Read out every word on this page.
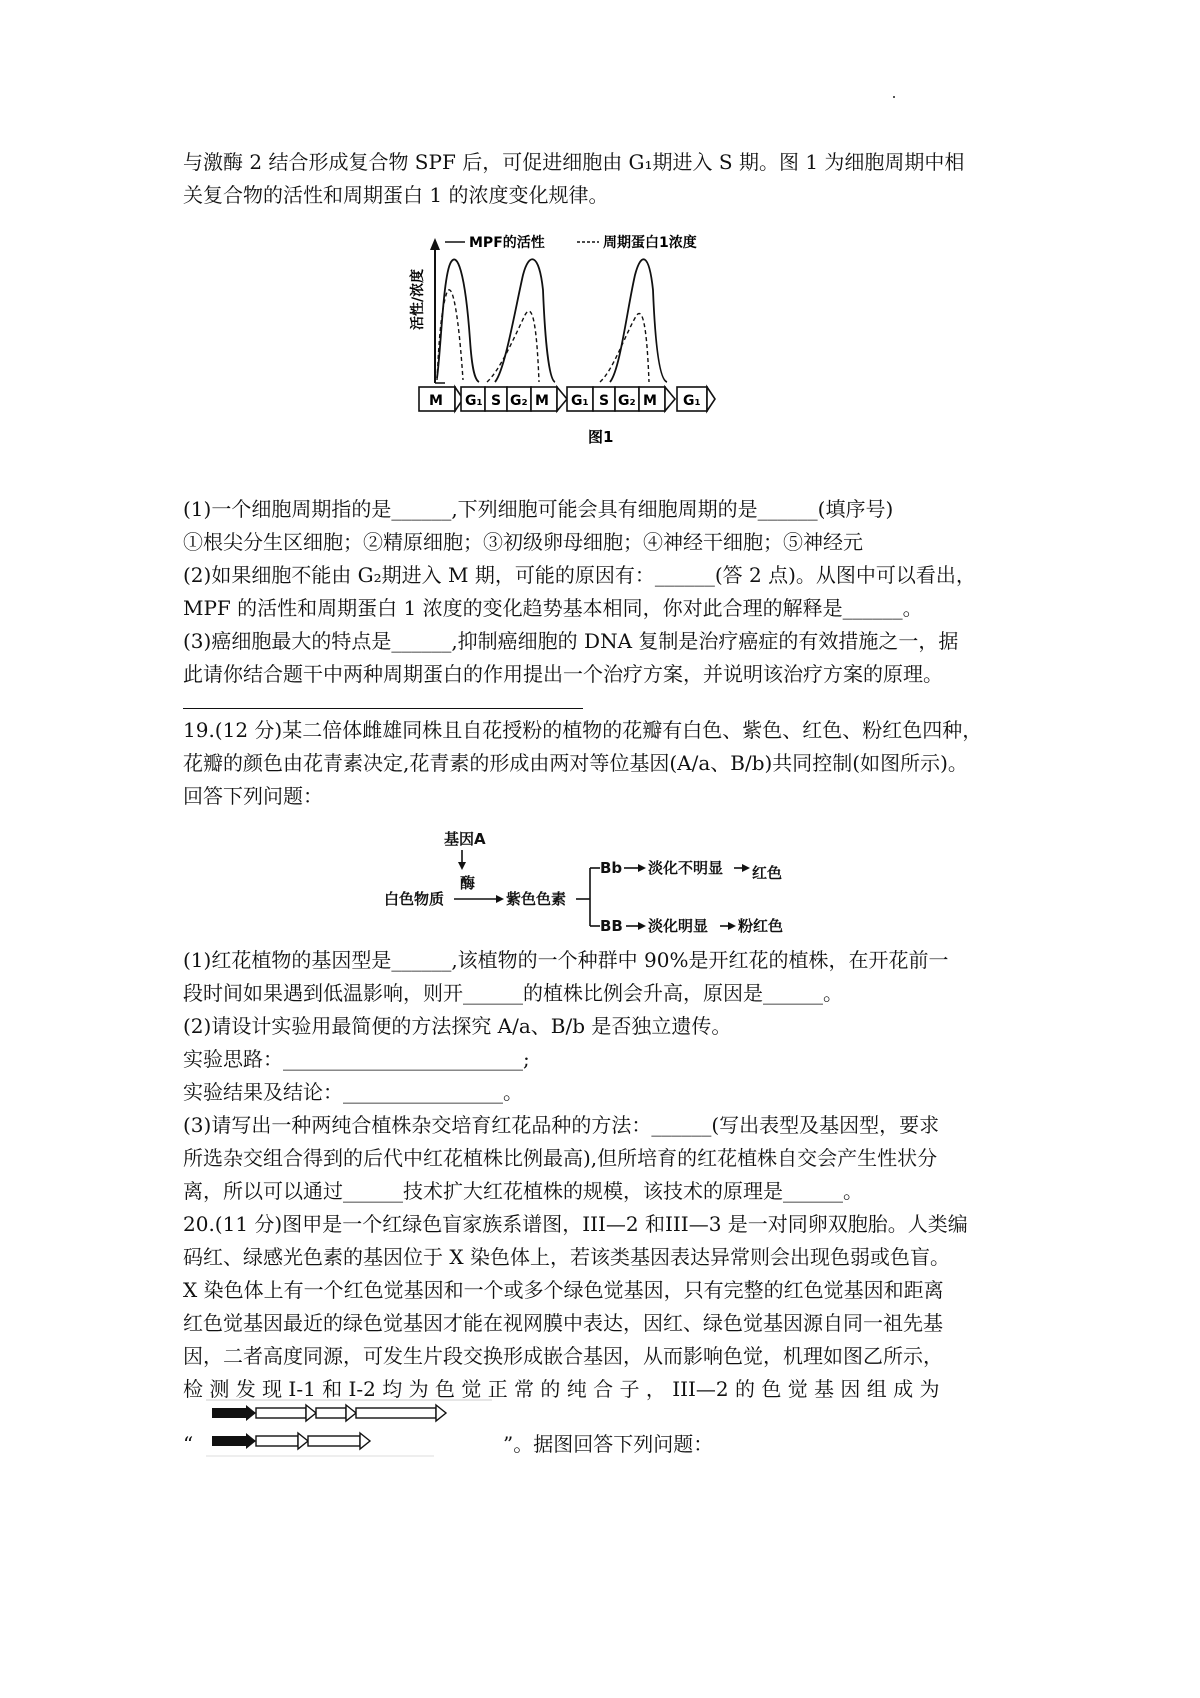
与激酶 2 结合形成复合物 SPF 后，可促进细胞由 G₁期进入 S 期。图 1 为细胞周期中相
关复合物的活性和周期蛋白 1 的浓度变化规律。
活性/浓度
MPF的活性	周期蛋白1浓度
M G₁ S G₂ M G₁ S G₂ M G₁
图1
(1)一个细胞周期指的是______,下列细胞可能会具有细胞周期的是______(填序号)
①根尖分生区细胞；②精原细胞；③初级卵母细胞；④神经干细胞；⑤神经元
(2)如果细胞不能由 G₂期进入 M 期，可能的原因有：______(答 2 点)。从图中可以看出，
MPF 的活性和周期蛋白 1 浓度的变化趋势基本相同，你对此合理的解释是______。
(3)癌细胞最大的特点是______,抑制癌细胞的 DNA 复制是治疗癌症的有效措施之一，据
此请你结合题干中两种周期蛋白的作用提出一个治疗方案，并说明该治疗方案的原理。
19.(12 分)某二倍体雌雄同株且自花授粉的植物的花瓣有白色、紫色、红色、粉红色四种，
花瓣的颜色由花青素决定,花青素的形成由两对等位基因(A/a、B/b)共同控制(如图所示)。
回答下列问题：
基因A
酶
白色物质	紫色色素
Bb 淡化不明显 红色
BB 淡化明显 粉红色
(1)红花植物的基因型是______,该植物的一个种群中 90%是开红花的植株，在开花前一
段时间如果遇到低温影响，则开______的植株比例会升高，原因是______。
(2)请设计实验用最简便的方法探究 A/a、B/b 是否独立遗传。
实验思路：________________________;
实验结果及结论：________________。
(3)请写出一种两纯合植株杂交培育红花品种的方法：______(写出表型及基因型，要求
所选杂交组合得到的后代中红花植株比例最高),但所培育的红花植株自交会产生性状分
离，所以可以通过______技术扩大红花植株的规模，该技术的原理是______。
20.(11 分)图甲是一个红绿色盲家族系谱图，III—2 和III—3 是一对同卵双胞胎。人类编
码红、绿感光色素的基因位于 X 染色体上，若该类基因表达异常则会出现色弱或色盲。
X 染色体上有一个红色觉基因和一个或多个绿色觉基因，只有完整的红色觉基因和距离
红色觉基因最近的绿色觉基因才能在视网膜中表达，因红、绿色觉基因源自同一祖先基
因，二者高度同源，可发生片段交换形成嵌合基因，从而影响色觉，机理如图乙所示，
检 测 发 现 I-1 和 I-2 均 为 色 觉 正 常 的 纯 合 子 ， III—2 的 色 觉 基 因 组 成 为
“	”。据图回答下列问题：
